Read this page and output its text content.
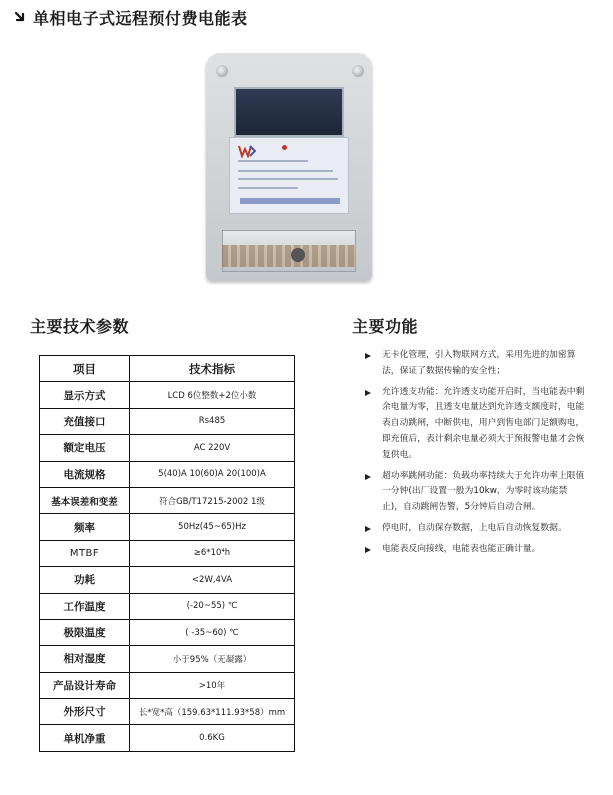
单相电子式远程预付费电能表
主要技术参数	主要功能
项目	技术指标
显示方式	LCD 6位整数+2位小数
充值接口	Rs485
额定电压	AC 220V
电流规格	5(40)A 10(60)A 20(100)A
基本误差和变差	符合GB/T17215-2002 1级
频率	50Hz(45~65)Hz
MTBF	≥6*10⁴h
功耗	<2W,4VA
工作温度	(-20~55) ℃
极限温度	( -35~60) ℃
相对湿度	小于95%（无凝露）
产品设计寿命	>10年
外形尺寸	长*宽*高（159.63*111.93*58）mm
单机净重	0.6KG
无卡化管理，引入物联网方式，采用先进的加密算法，保证了数据传输的安全性；
允许透支功能：允许透支功能开启时，当电能表中剩余电量为零，且透支电量达到允许透支额度时，电能表自动跳闸，中断供电，用户到售电部门足额购电，即充值后，表计剩余电量必须大于预报警电量才会恢复供电。
超功率跳闸功能：负载功率持续大于允许功率上限值一分钟(出厂设置一般为10kw，为零时该功能禁止)，自动跳闸告警，5分钟后自动合闸。
停电时，自动保存数据，上电后自动恢复数据。
电能表反向接线，电能表也能正确计量。
